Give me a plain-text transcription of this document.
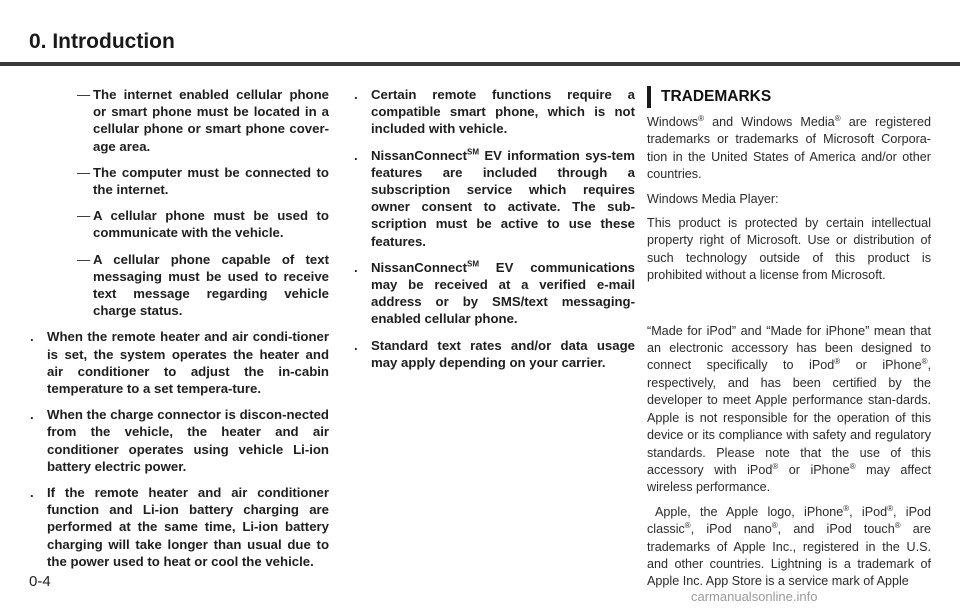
0. Introduction
— The internet enabled cellular phone or smart phone must be located in a cellular phone or smart phone cover-age area.
— The computer must be connected to the internet.
— A cellular phone must be used to communicate with the vehicle.
— A cellular phone capable of text messaging must be used to receive text message regarding vehicle charge status.
. When the remote heater and air condi-tioner is set, the system operates the heater and air conditioner to adjust the in-cabin temperature to a set tempera-ture.
. When the charge connector is discon-nected from the vehicle, the heater and air conditioner operates using vehicle Li-ion battery electric power.
. If the remote heater and air conditioner function and Li-ion battery charging are performed at the same time, Li-ion battery charging will take longer than usual due to the power used to heat or cool the vehicle.
. Certain remote functions require a compatible smart phone, which is not included with vehicle.
. NissanConnect℠ EV information sys-tem features are included through a subscription service which requires owner consent to activate. The sub-scription must be active to use these features.
. NissanConnect℠ EV communications may be received at a verified e-mail address or by SMS/text messaging-enabled cellular phone.
. Standard text rates and/or data usage may apply depending on your carrier.
TRADEMARKS

Windows® and Windows Media® are registered trademarks or trademarks of Microsoft Corpora-tion in the United States of America and/or other countries.

Windows Media Player:

This product is protected by certain intellectual property right of Microsoft. Use or distribution of such technology outside of this product is prohibited without a license from Microsoft.

“Made for iPod” and “Made for iPhone” mean that an electronic accessory has been designed to connect specifically to iPod® or iPhone®, respectively, and has been certified by the developer to meet Apple performance stan-dards. Apple is not responsible for the operation of this device or its compliance with safety and regulatory standards. Please note that the use of this accessory with iPod® or iPhone® may affect wireless performance.

Apple, the Apple logo, iPhone®, iPod®, iPod classic®, iPod nano®, and iPod touch® are trademarks of Apple Inc., registered in the U.S. and other countries. Lightning is a trademark of Apple Inc. App Store is a service mark of Apple

0-4
carmanualsonline.info
